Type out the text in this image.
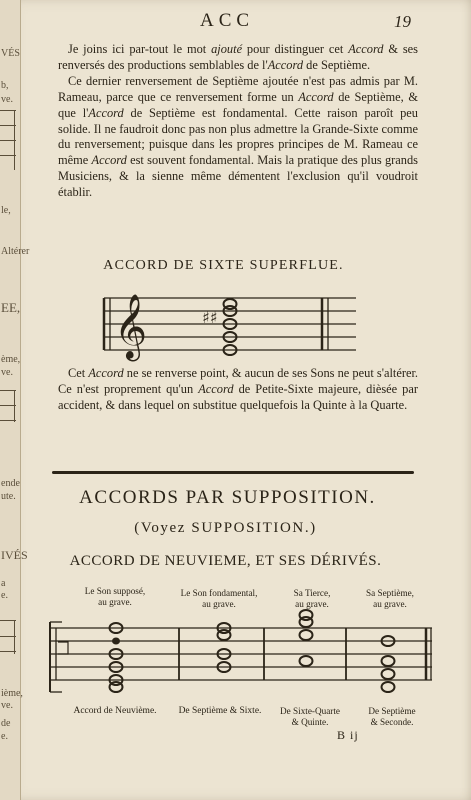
VÉS
b,
ve.
le,
Altérer
EE,
ème,
ve.
ende
ute.
IVÉS
a
e.
ième,
ve.
de
e.
ACC	19

Je joins ici par-tout le mot ajouté pour distinguer cet Accord & ses renversés des productions semblables de l'Accord de Septième.

Ce dernier renversement de Septième ajoutée n'est pas admis par M. Rameau, parce que ce renversement forme un Accord de Septième, & que l'Accord de Septième est fondamental. Cette raison paroît peu solide. Il ne faudroit donc pas non plus admettre la Grande-Sixte comme du renversement; puisque dans les propres principes de M. Rameau ce même Accord est souvent fondamental. Mais la pratique des plus grands Musiciens, & la sienne même démentent l'exclusion qu'il voudroit établir.

ACCORD DE SIXTE SUPERFLUE.
𝄞	♯♯

Cet Accord ne se renverse point, & aucun de ses Sons ne peut s'altérer. Ce n'est proprement qu'un Accord de Petite-Sixte majeure, dièsée par accident, & dans lequel on substitue quelquefois la Quinte à la Quarte.

ACCORDS PAR SUPPOSITION.
(Voyez SUPPOSITION.)
ACCORD DE NEUVIEME, ET SES DÉRIVÉS.
Le Son supposé,
au grave.
Le Son fondamental,
au grave.
Sa Tierce,
au grave.
Sa Septième,
au grave.
Accord de Neuvième.	De Septième & Sixte.	De Sixte-Quarte
& Quinte.
De Septième
& Seconde.
B ij
